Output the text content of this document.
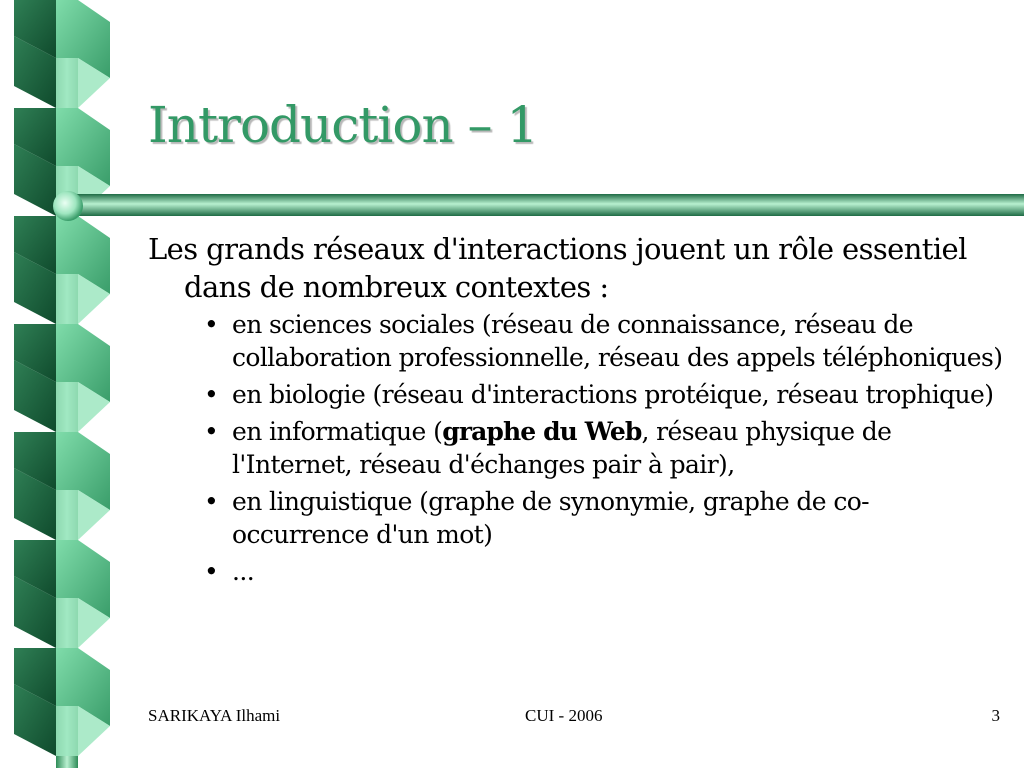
Introduction – 1

Les grands réseaux d'interactions jouent un rôle essentiel dans de nombreux contextes :

• en sciences sociales (réseau de connaissance, réseau de collaboration professionnelle, réseau des appels téléphoniques)
• en biologie (réseau d'interactions protéique, réseau trophique)
• en informatique (graphe du Web, réseau physique de l'Internet, réseau d'échanges pair à pair),
• en linguistique (graphe de synonymie, graphe de co-occurrence d'un mot)
• ...
SARIKAYA Ilhami	CUI - 2006	3
